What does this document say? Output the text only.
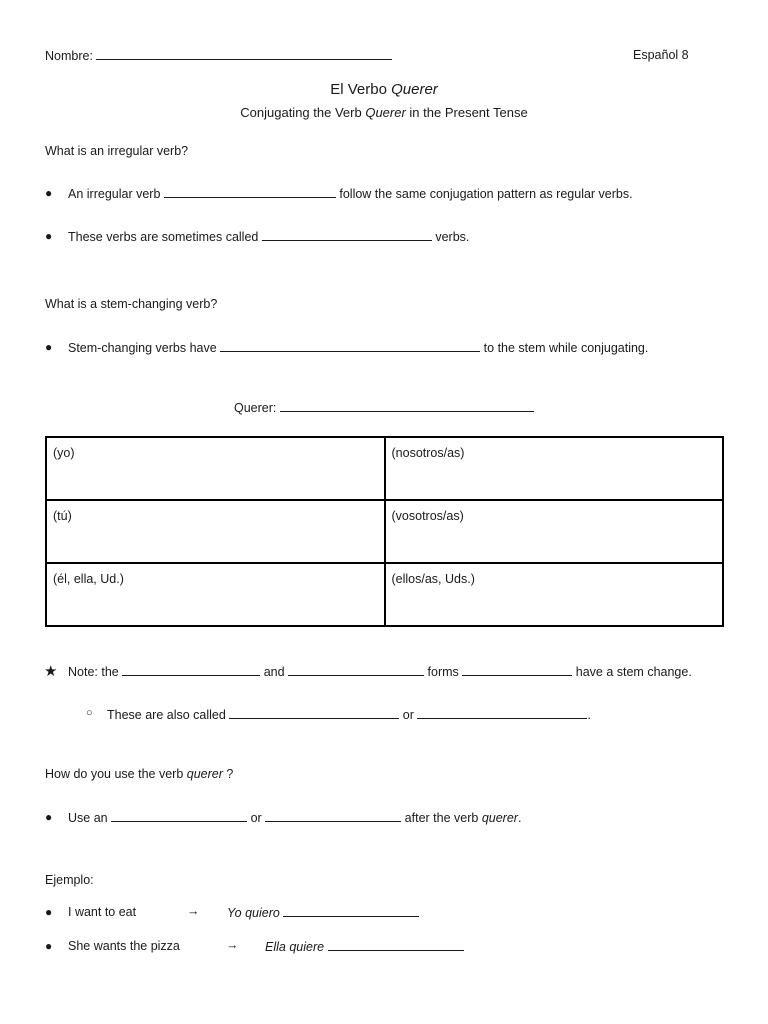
Nombre:	Español 8
El Verbo Querer
Conjugating the Verb Querer in the Present Tense
What is an irregular verb?
● An irregular verb	follow the same conjugation pattern as regular verbs.
● These verbs are sometimes called	verbs.
What is a stem-changing verb?
● Stem-changing verbs have	to the stem while conjugating.
Querer:
(yo)	(nosotros/as)
(tú)	(vosotros/as)
(él, ella, Ud.)	(ellos/as, Uds.)
★ Note: the	and	forms	have a stem change.
○ These are also called	or	.
How do you use the verb querer ?
● Use an	or	after the verb querer.
Ejemplo:
● I want to eat	→ Yo quiero
● She wants the pizza	→ Ella quiere
